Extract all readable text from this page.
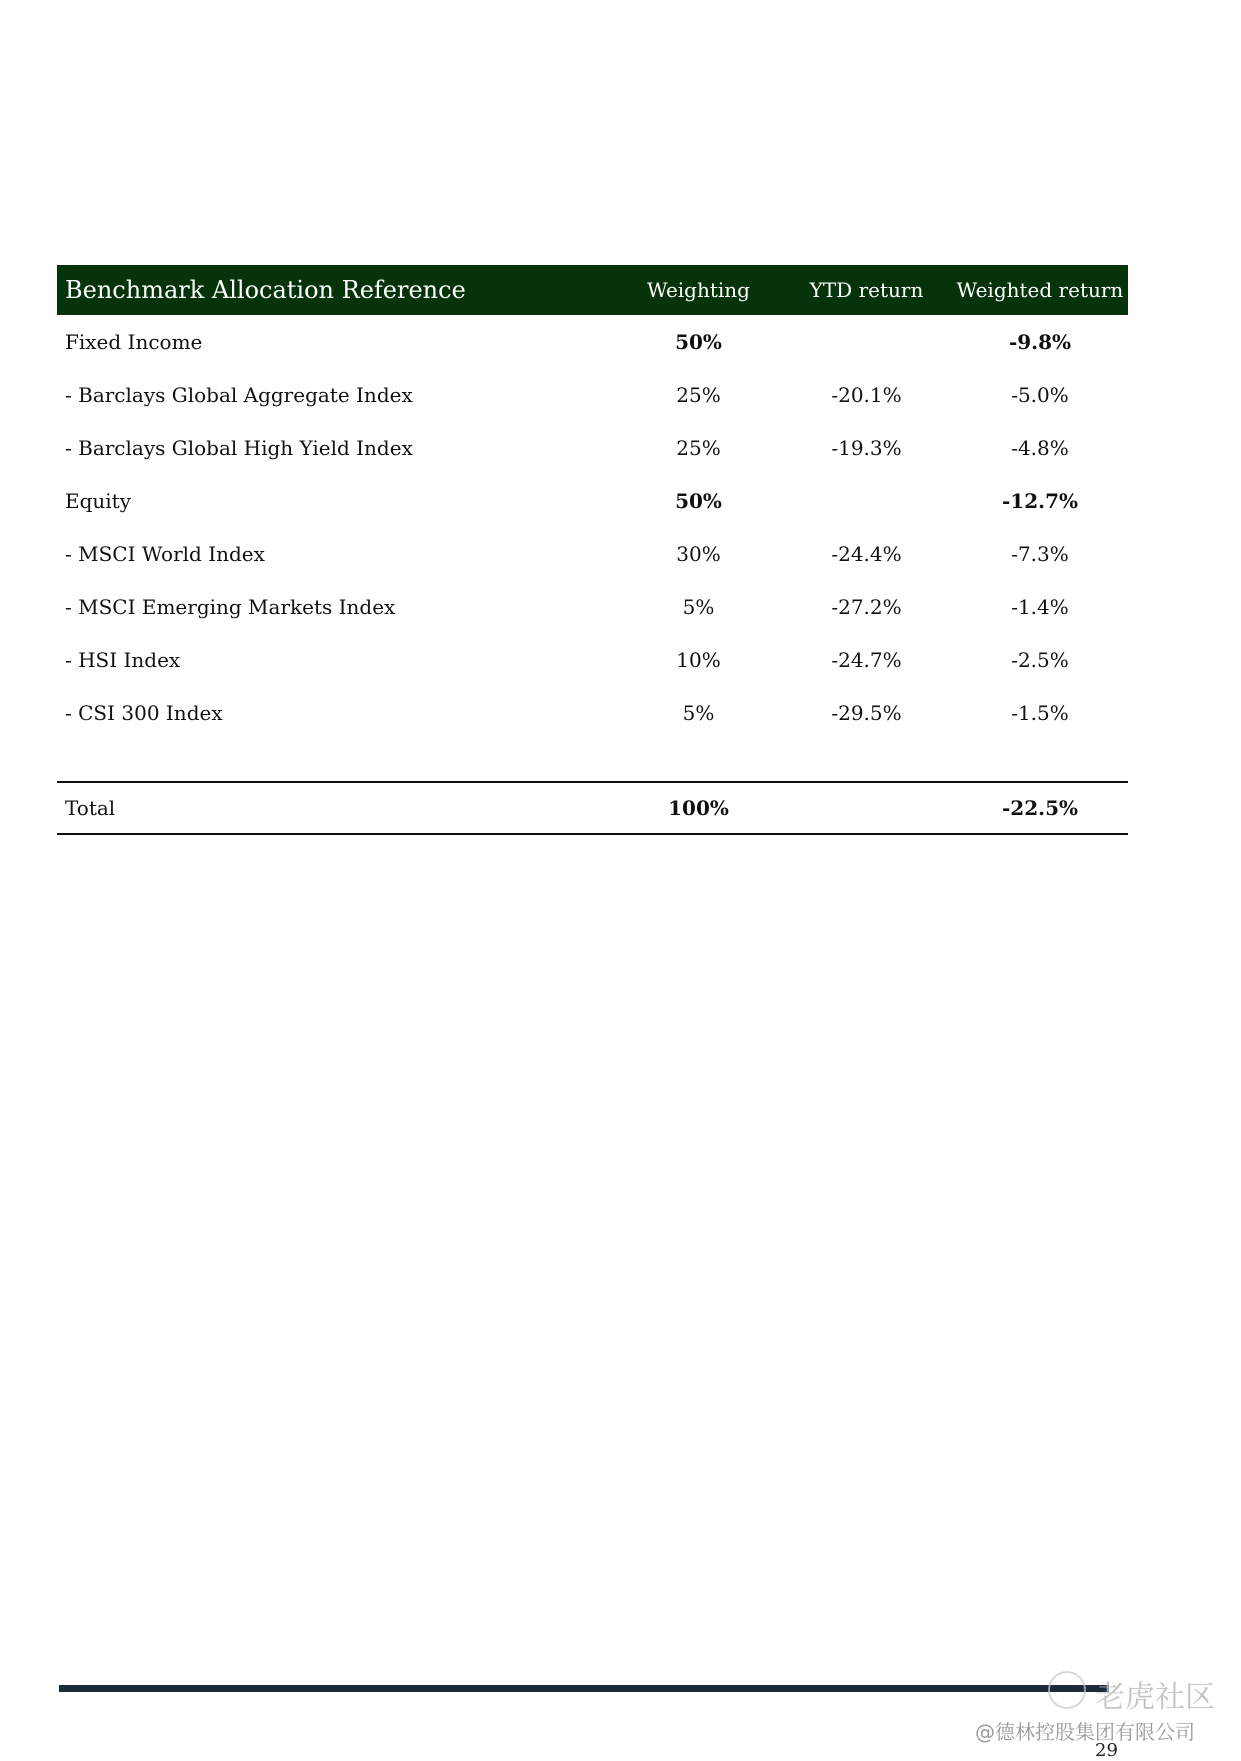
Benchmark Allocation Reference	Weighting	YTD return	Weighted return
Fixed Income	50%		-9.8%
- Barclays Global Aggregate Index	25%	-20.1%	-5.0%
- Barclays Global High Yield Index	25%	-19.3%	-4.8%
Equity	50%		-12.7%
- MSCI World Index	30%	-24.4%	-7.3%
- MSCI Emerging Markets Index	5%	-27.2%	-1.4%
- HSI Index	10%	-24.7%	-2.5%
- CSI 300 Index	5%	-29.5%	-1.5%

Total	100%		-22.5%
老虎社区
@德林控股集团有限公司
29
